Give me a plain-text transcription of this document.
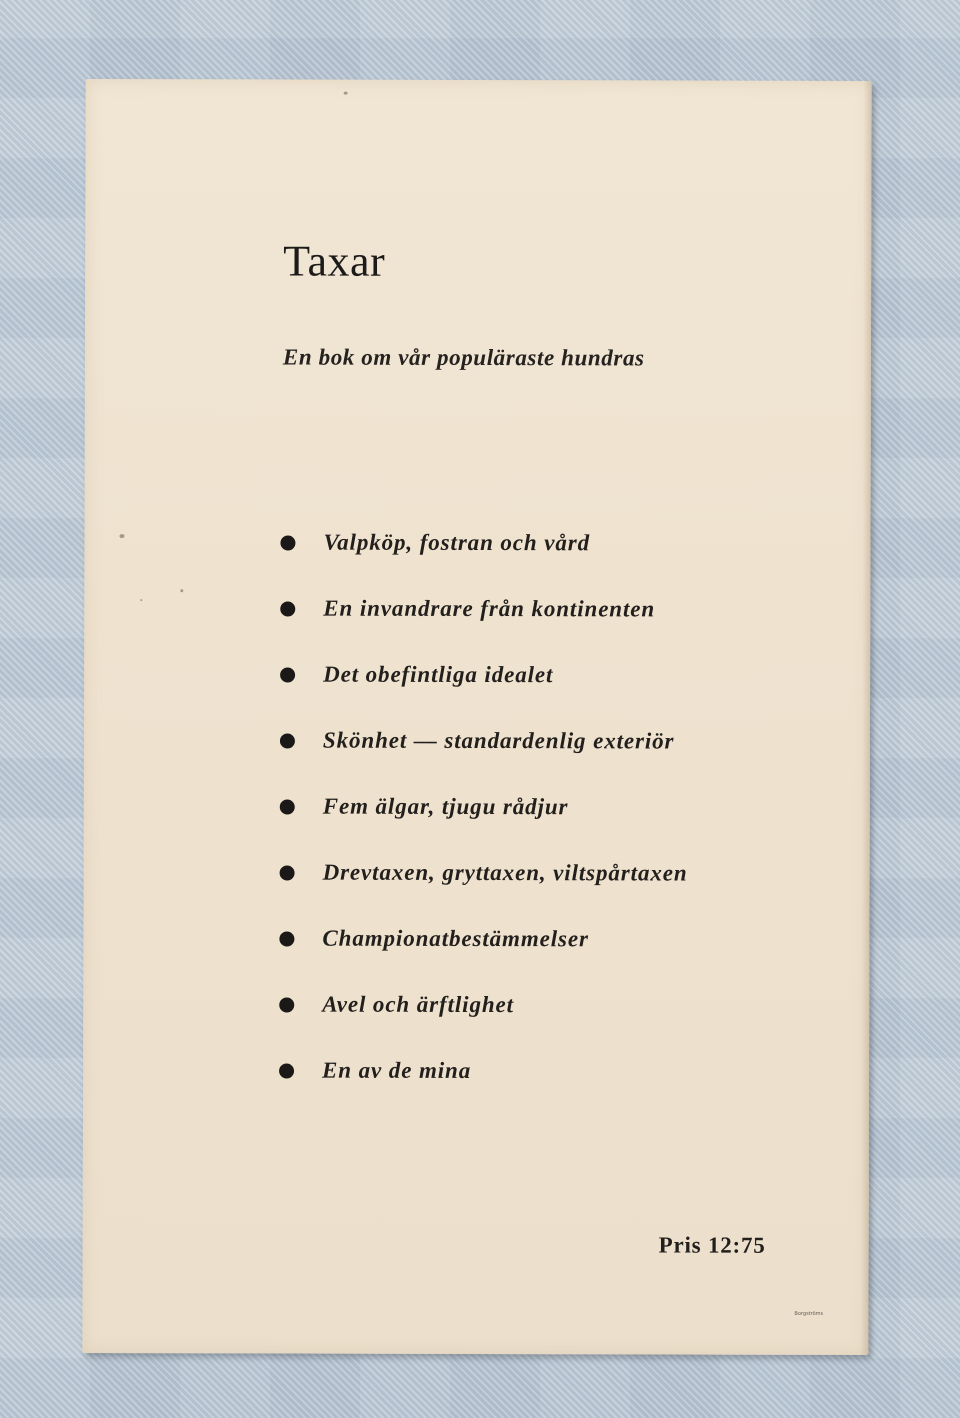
Taxar
En bok om vår populäraste hundras
Valpköp, fostran och vård
En invandrare från kontinenten
Det obefintliga idealet
Skönhet — standardenlig exteriör
Fem älgar, tjugu rådjur
Drevtaxen, gryttaxen, viltspårtaxen
Championatbestämmelser
Avel och ärftlighet
En av de mina
Pris 12:75
Borgströms
